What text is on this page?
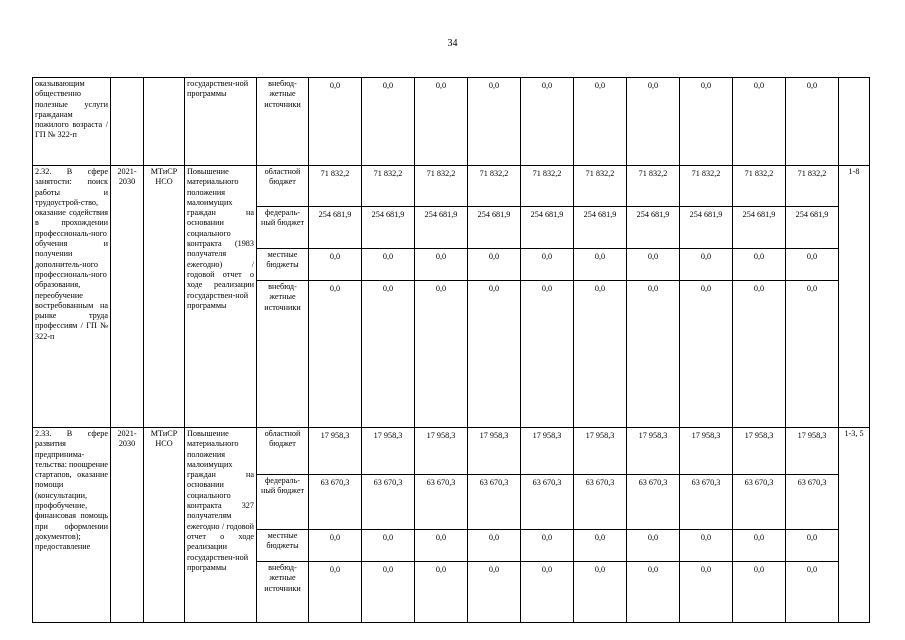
34
оказывающим общественно полезные услуги гражданам пожилого возраста / ГП № 322-п			государствен-ной программы	внебюд-жетные источники	0,0	0,0	0,0	0,0	0,0	0,0	0,0	0,0	0,0	0,0	
2.32. В сфере занятости: поиск работы и трудоустрой-ство, оказание содействия в прохождении профессиональ-ного обучения и получении дополнитель-ного профессиональ-ного образования, переобучение востребованным на рынке труда профессиям / ГП № 322-п	2021-2030	МТиСР НСО	Повышение материального положения малоимущих граждан на основании социального контракта (1983 получателя ежегодно) / годовой отчет о ходе реализации государствен-ной программы	областной бюджет	71 832,2	71 832,2	71 832,2	71 832,2	71 832,2	71 832,2	71 832,2	71 832,2	71 832,2	71 832,2	1-8
				федераль-ный бюджет	254 681,9	254 681,9	254 681,9	254 681,9	254 681,9	254 681,9	254 681,9	254 681,9	254 681,9	254 681,9	
				местные бюджеты	0,0	0,0	0,0	0,0	0,0	0,0	0,0	0,0	0,0	0,0	
				внебюд-жетные источники	0,0	0,0	0,0	0,0	0,0	0,0	0,0	0,0	0,0	0,0	
2.33. В сфере развития предпринима-тельства: поощрение стартапов, оказание помощи (консультации, профобучение, финансовая помощь при оформлении документов); предоставление	2021-2030	МТиСР НСО	Повышение материального положения малоимущих граждан на основании социального контракта 327 получателям ежегодно / годовой отчет о ходе реализации государствен-ной программы	областной бюджет	17 958,3	17 958,3	17 958,3	17 958,3	17 958,3	17 958,3	17 958,3	17 958,3	17 958,3	17 958,3	1-3, 5
				федераль-ный бюджет	63 670,3	63 670,3	63 670,3	63 670,3	63 670,3	63 670,3	63 670,3	63 670,3	63 670,3	63 670,3	
				местные бюджеты	0,0	0,0	0,0	0,0	0,0	0,0	0,0	0,0	0,0	0,0	
				внебюд-жетные источники	0,0	0,0	0,0	0,0	0,0	0,0	0,0	0,0	0,0	0,0	
